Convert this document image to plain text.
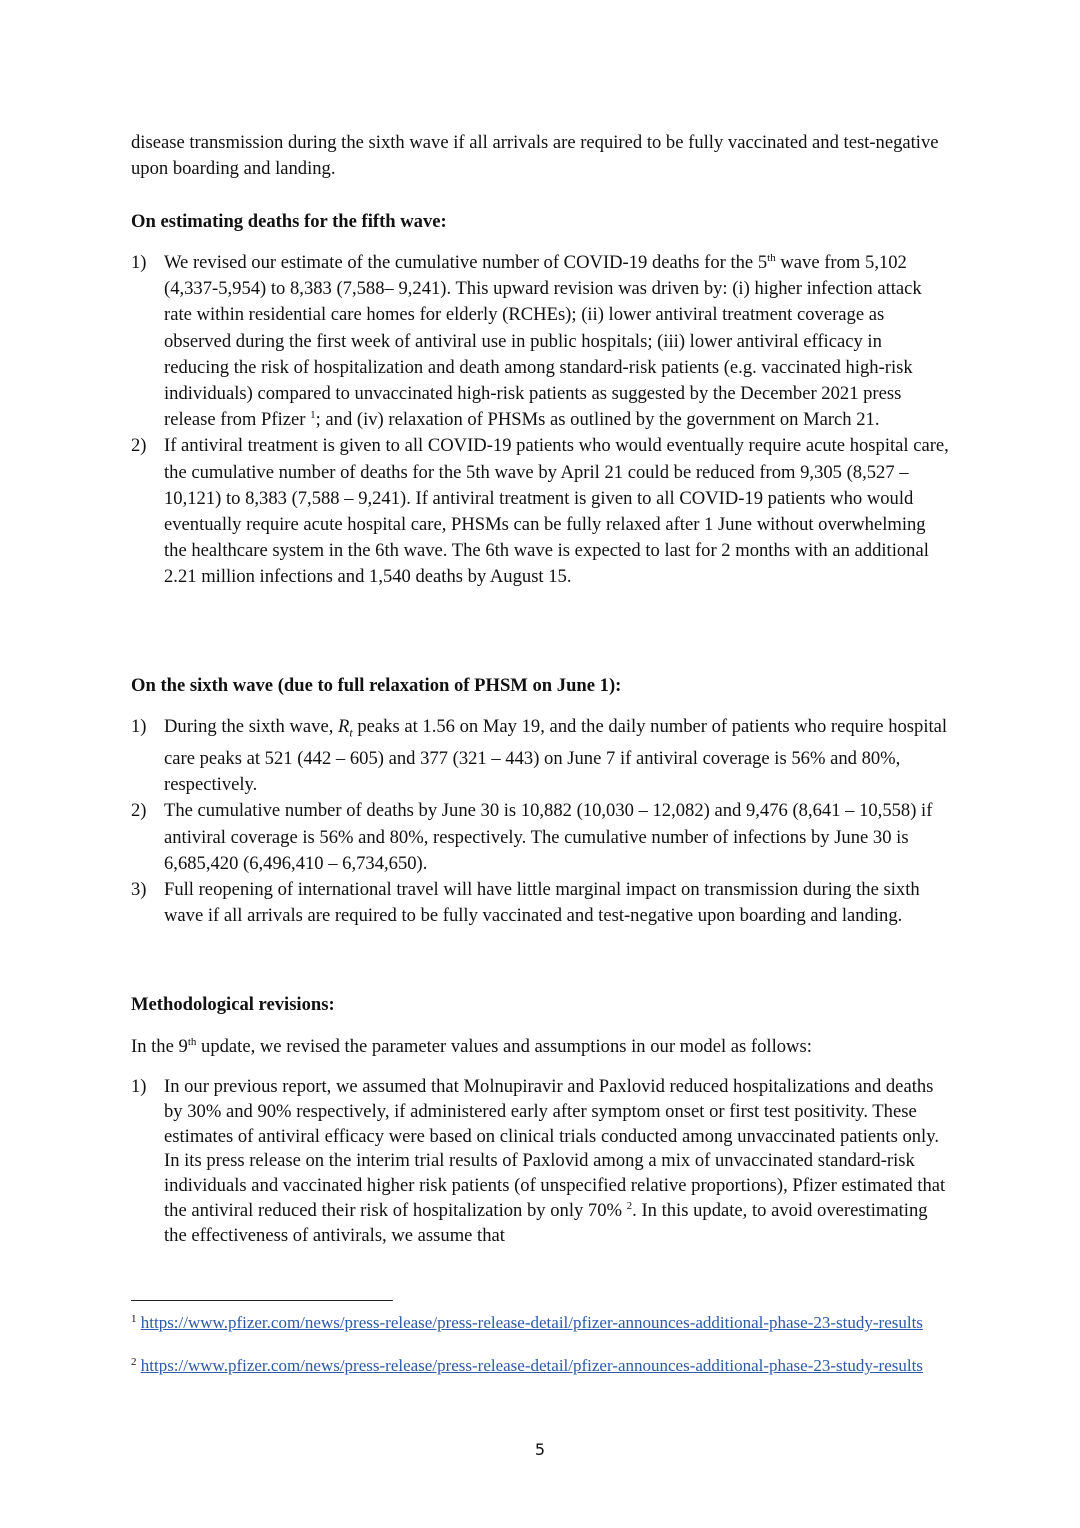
disease transmission during the sixth wave if all arrivals are required to be fully vaccinated and test-negative upon boarding and landing.
On estimating deaths for the fifth wave:
1) We revised our estimate of the cumulative number of COVID-19 deaths for the 5th wave from 5,102 (4,337-5,954) to 8,383 (7,588– 9,241). This upward revision was driven by: (i) higher infection attack rate within residential care homes for elderly (RCHEs); (ii) lower antiviral treatment coverage as observed during the first week of antiviral use in public hospitals; (iii) lower antiviral efficacy in reducing the risk of hospitalization and death among standard-risk patients (e.g. vaccinated high-risk individuals) compared to unvaccinated high-risk patients as suggested by the December 2021 press release from Pfizer $^1$; and (iv) relaxation of PHSMs as outlined by the government on March 21.
2) If antiviral treatment is given to all COVID-19 patients who would eventually require acute hospital care, the cumulative number of deaths for the 5th wave by April 21 could be reduced from 9,305 (8,527 – 10,121) to 8,383 (7,588 – 9,241). If antiviral treatment is given to all COVID-19 patients who would eventually require acute hospital care, PHSMs can be fully relaxed after 1 June without overwhelming the healthcare system in the 6th wave. The 6th wave is expected to last for 2 months with an additional 2.21 million infections and 1,540 deaths by August 15.
On the sixth wave (due to full relaxation of PHSM on June 1):
1) During the sixth wave, $R_t$ peaks at 1.56 on May 19, and the daily number of patients who require hospital care peaks at 521 (442 – 605) and 377 (321 – 443) on June 7 if antiviral coverage is 56% and 80%, respectively.
2) The cumulative number of deaths by June 30 is 10,882 (10,030 – 12,082) and 9,476 (8,641 – 10,558) if antiviral coverage is 56% and 80%, respectively. The cumulative number of infections by June 30 is 6,685,420 (6,496,410 – 6,734,650).
3) Full reopening of international travel will have little marginal impact on transmission during the sixth wave if all arrivals are required to be fully vaccinated and test-negative upon boarding and landing.
Methodological revisions:
In the 9th update, we revised the parameter values and assumptions in our model as follows:
1) In our previous report, we assumed that Molnupiravir and Paxlovid reduced hospitalizations and deaths by 30% and 90% respectively, if administered early after symptom onset or first test positivity. These estimates of antiviral efficacy were based on clinical trials conducted among unvaccinated patients only. In its press release on the interim trial results of Paxlovid among a mix of unvaccinated standard-risk individuals and vaccinated higher risk patients (of unspecified relative proportions), Pfizer estimated that the antiviral reduced their risk of hospitalization by only 70% $^2$. In this update, to avoid overestimating the effectiveness of antivirals, we assume that
$^1$ https://www.pfizer.com/news/press-release/press-release-detail/pfizer-announces-additional-phase-23-study-results
$^2$ https://www.pfizer.com/news/press-release/press-release-detail/pfizer-announces-additional-phase-23-study-results
5
